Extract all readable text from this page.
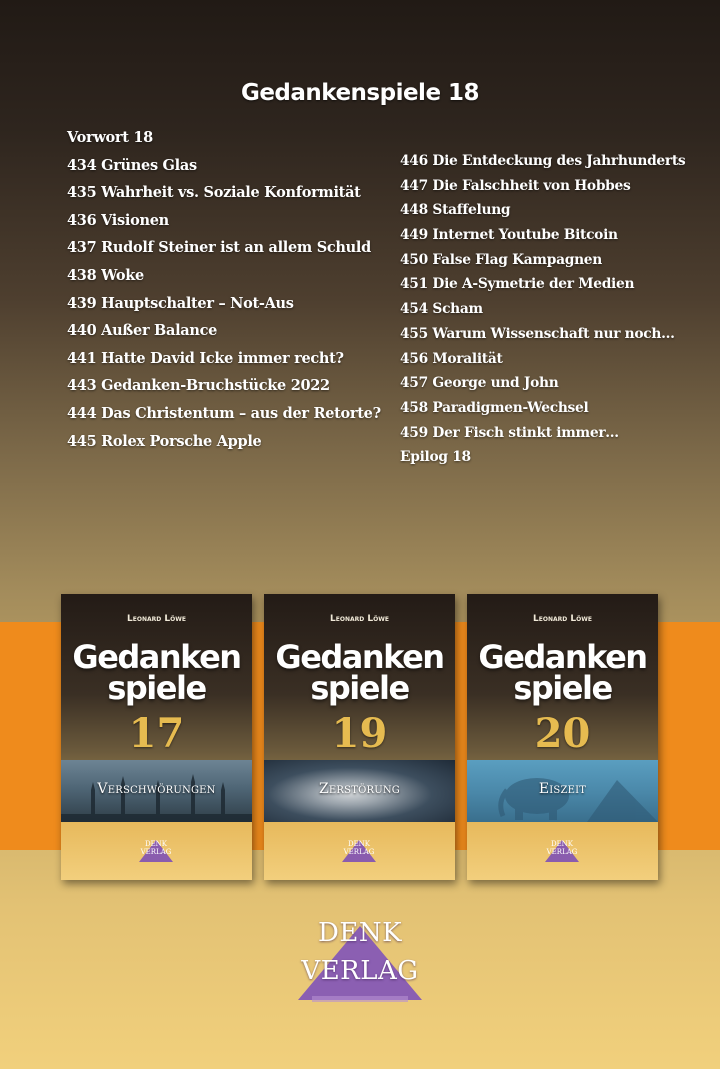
Gedankenspiele 18
Vorwort 18
434 Grünes Glas
435 Wahrheit vs. Soziale Konformität
436 Visionen
437 Rudolf Steiner ist an allem Schuld
438 Woke
439 Hauptschalter – Not-Aus
440 Außer Balance
441 Hatte David Icke immer recht?
443 Gedanken-Bruchstücke 2022
444 Das Christentum – aus der Retorte?
445 Rolex Porsche Apple
446 Die Entdeckung des Jahrhunderts
447 Die Falschheit von Hobbes
448 Staffelung
449 Internet Youtube Bitcoin
450 False Flag Kampagnen
451 Die A-Symetrie der Medien
454 Scham
455 Warum Wissenschaft nur noch…
456 Moralität
457 George und John
458 Paradigmen-Wechsel
459 Der Fisch stinkt immer…
Epilog 18
Leonard Löwe
Gedanken
spiele
17
Verschwörungen
DENK
VERLAG
Leonard Löwe
Gedanken
spiele
19
Zerstörung
DENK
VERLAG
Leonard Löwe
Gedanken
spiele
20
Eiszeit
DENK
VERLAG
DENK
VERLAG
